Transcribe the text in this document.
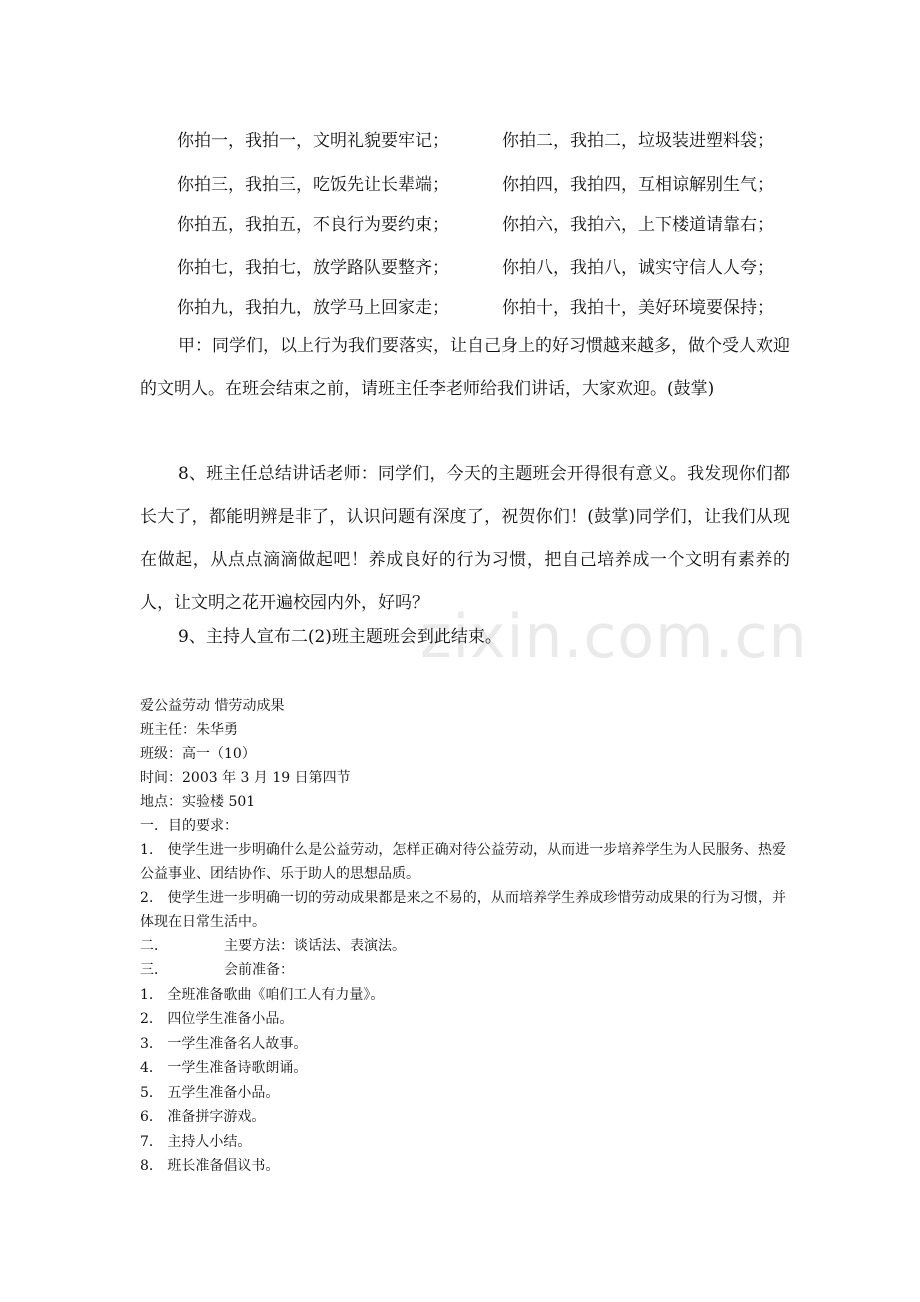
zixin.com.cn
你拍一，我拍一，文明礼貌要牢记；	你拍二，我拍二，垃圾装进塑料袋；
你拍三，我拍三，吃饭先让长辈端；	你拍四，我拍四，互相谅解别生气；
你拍五，我拍五，不良行为要约束；	你拍六，我拍六，上下楼道请靠右；
你拍七，我拍七，放学路队要整齐；	你拍八，我拍八，诚实守信人人夸；
你拍九，我拍九，放学马上回家走；	你拍十，我拍十，美好环境要保持；
甲：同学们，以上行为我们要落实，让自己身上的好习惯越来越多，做个受人欢迎的文明人。在班会结束之前，请班主任李老师给我们讲话，大家欢迎。(鼓掌)
8、班主任总结讲话老师：同学们，今天的主题班会开得很有意义。我发现你们都长大了，都能明辨是非了，认识问题有深度了，祝贺你们！(鼓掌)同学们，让我们从现在做起，从点点滴滴做起吧！养成良好的行为习惯，把自己培养成一个文明有素养的人，让文明之花开遍校园内外，好吗？
9、主持人宣布二(2)班主题班会到此结束。
爱公益劳动 惜劳动成果
班主任：朱华勇
班级：高一（10）
时间：2003 年 3 月 19 日第四节
地点：实验楼 501
一．目的要求：
1． 使学生进一步明确什么是公益劳动，怎样正确对待公益劳动，从而进一步培养学生为人民服务、热爱公益事业、团结协作、乐于助人的思想品质。
2． 使学生进一步明确一切的劳动成果都是来之不易的，从而培养学生养成珍惜劳动成果的行为习惯，并体现在日常生活中。
二．	主要方法：谈话法、表演法。
三．	会前准备：
1． 全班准备歌曲《咱们工人有力量》。
2． 四位学生准备小品。
3． 一学生准备名人故事。
4． 一学生准备诗歌朗诵。
5． 五学生准备小品。
6． 准备拼字游戏。
7． 主持人小结。
8． 班长准备倡议书。
